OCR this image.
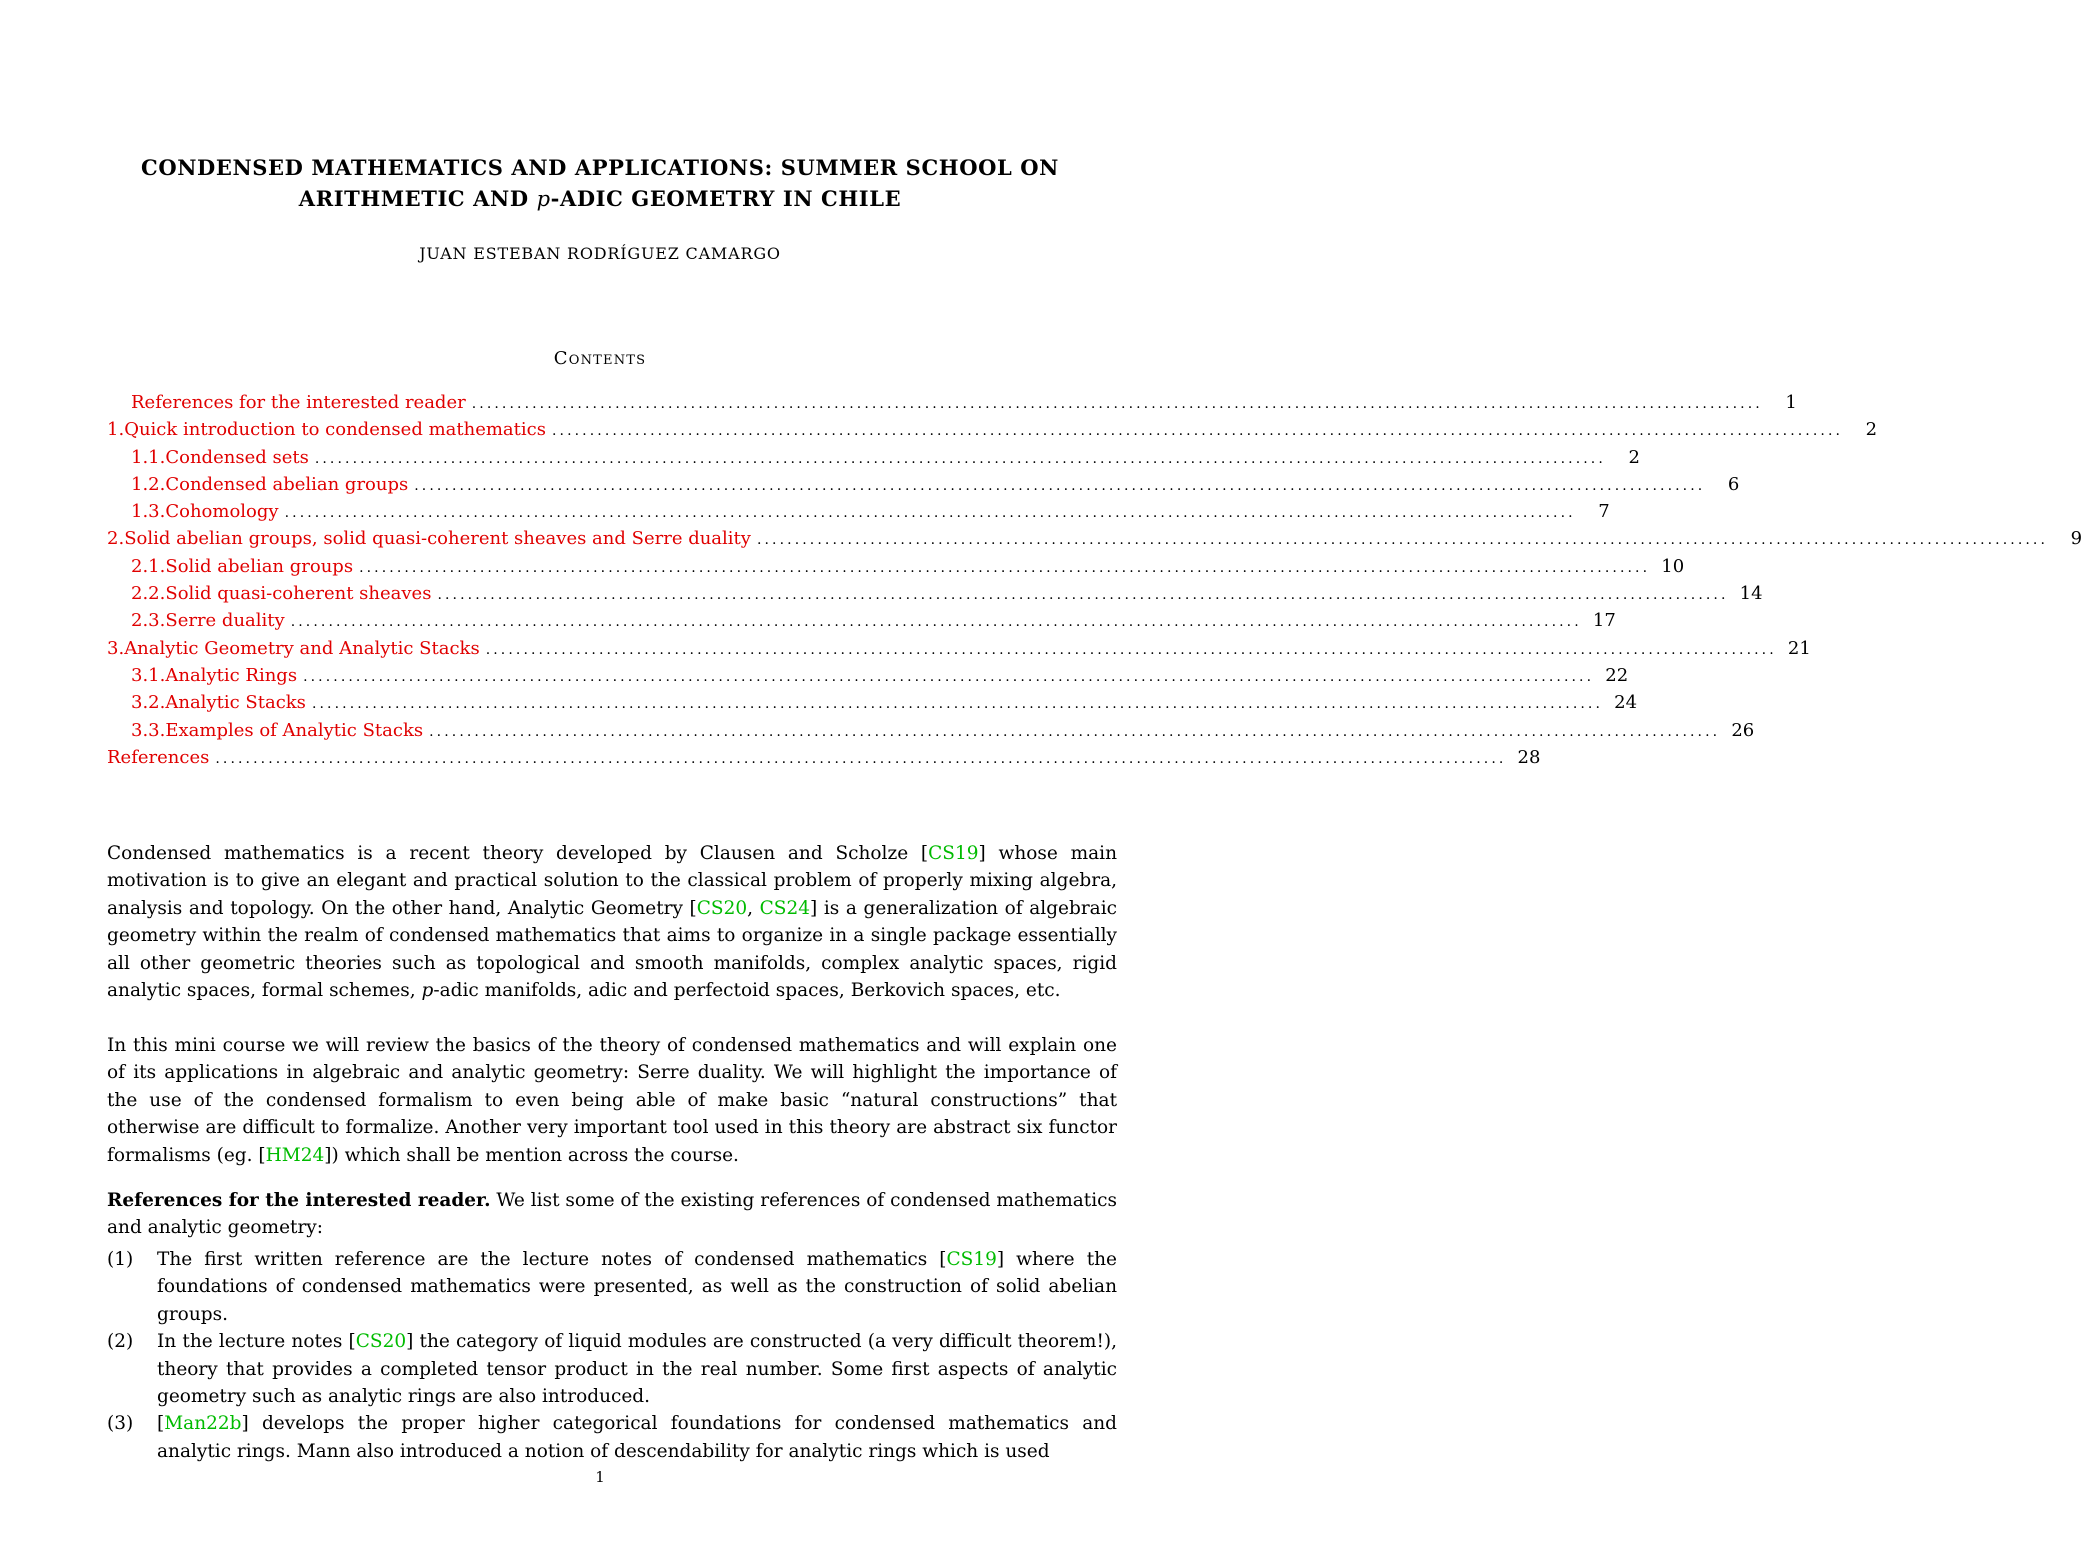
CONDENSED MATHEMATICS AND APPLICATIONS: SUMMER SCHOOL ON
ARITHMETIC AND p-ADIC GEOMETRY IN CHILE
JUAN ESTEBAN RODRÍGUEZ CAMARGO
Contents
References for the interested reader ...........................................................................................................................................................................	1
1. Quick introduction to condensed mathematics ...........................................................................................................................................................................	2
1.1. Condensed sets ...........................................................................................................................................................................	2
1.2. Condensed abelian groups ...........................................................................................................................................................................	6
1.3. Cohomology ...........................................................................................................................................................................	7
2. Solid abelian groups, solid quasi-coherent sheaves and Serre duality ...........................................................................................................................................................................	9
2.1. Solid abelian groups ........................................................................................................................................................................... 10
2.2. Solid quasi-coherent sheaves ........................................................................................................................................................................... 14
2.3. Serre duality ........................................................................................................................................................................... 17
3. Analytic Geometry and Analytic Stacks ........................................................................................................................................................................... 21
3.1. Analytic Rings ........................................................................................................................................................................... 22
3.2. Analytic Stacks ........................................................................................................................................................................... 24
3.3. Examples of Analytic Stacks ........................................................................................................................................................................... 26
References ........................................................................................................................................................................... 28

Condensed mathematics is a recent theory developed by Clausen and Scholze [CS19] whose main motivation is to give an elegant and practical solution to the classical problem of properly mixing algebra, analysis and topology. On the other hand, Analytic Geometry [CS20, CS24] is a generalization of algebraic geometry within the realm of condensed mathematics that aims to organize in a single package essentially all other geometric theories such as topological and smooth manifolds, complex analytic spaces, rigid analytic spaces, formal schemes, p-adic manifolds, adic and perfectoid spaces, Berkovich spaces, etc.

In this mini course we will review the basics of the theory of condensed mathematics and will explain one of its applications in algebraic and analytic geometry: Serre duality. We will highlight the importance of the use of the condensed formalism to even being able of make basic “natural constructions” that otherwise are difficult to formalize. Another very important tool used in this theory are abstract six functor formalisms (eg. [HM24]) which shall be mention across the course.

References for the interested reader. We list some of the existing references of condensed mathematics and analytic geometry:

(1)	The first written reference are the lecture notes of condensed mathematics [CS19] where the foundations of condensed mathematics were presented, as well as the construction of solid abelian groups.
(2)	In the lecture notes [CS20] the category of liquid modules are constructed (a very difficult theorem!), theory that provides a completed tensor product in the real number. Some first aspects of analytic geometry such as analytic rings are also introduced.
(3)	[Man22b] develops the proper higher categorical foundations for condensed mathematics and analytic rings. Mann also introduced a notion of descendability for analytic rings which is used
1
